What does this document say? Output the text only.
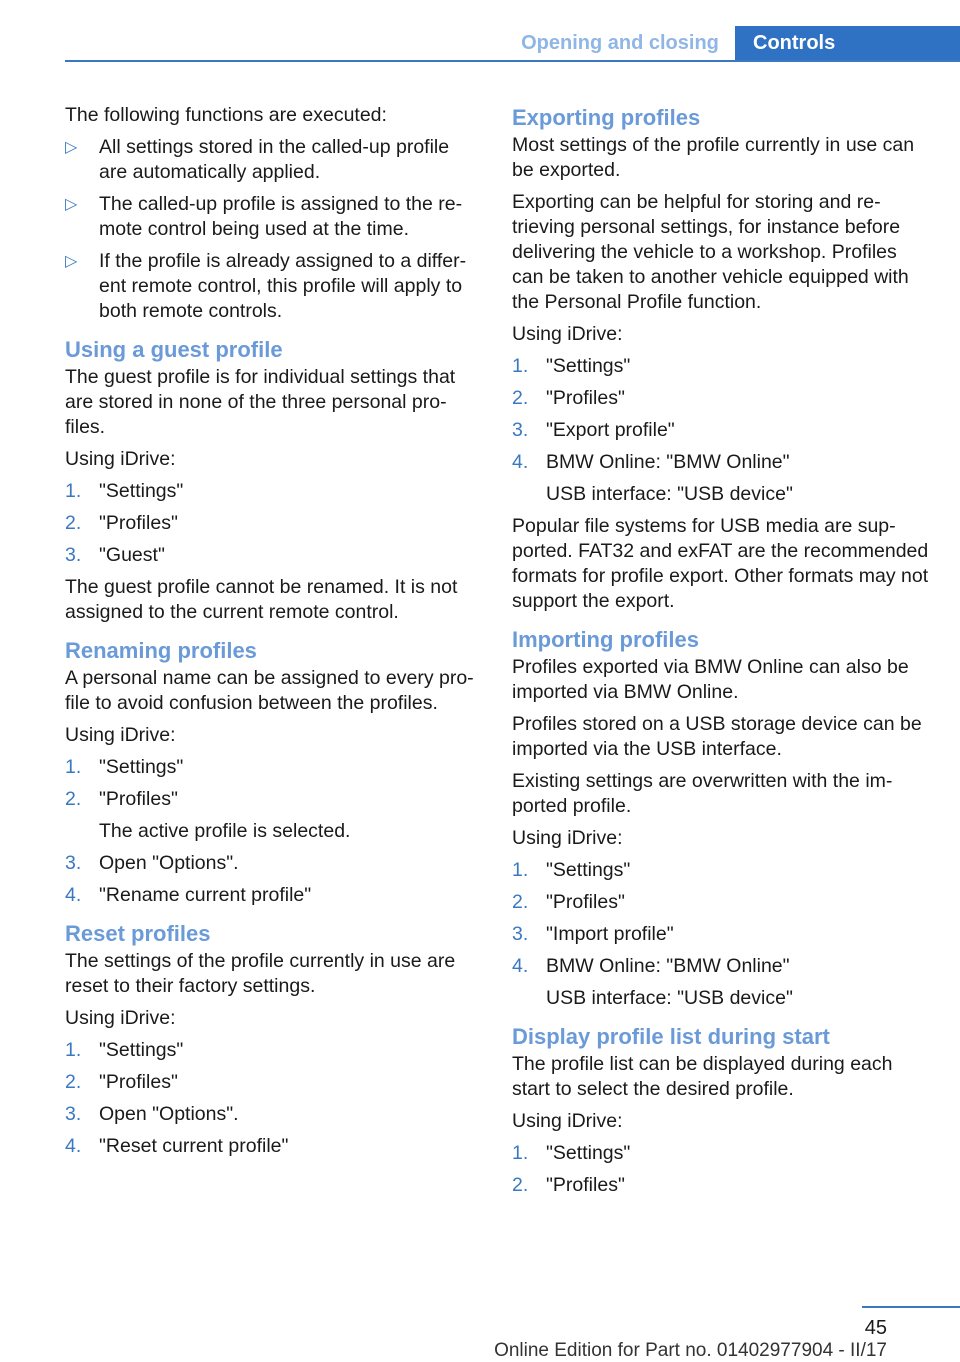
Opening and closing	Controls

The following functions are executed:

▷ All settings stored in the called-up profile are automatically applied.
▷ The called-up profile is assigned to the remote control being used at the time.
▷ If the profile is already assigned to a different remote control, this profile will apply to both remote controls.
Using a guest profile

The guest profile is for individual settings that are stored in none of the three personal profiles.

Using iDrive:

1. "Settings"
2. "Profiles"
3. "Guest"

The guest profile cannot be renamed. It is not assigned to the current remote control.

Renaming profiles

A personal name can be assigned to every profile to avoid confusion between the profiles.

Using iDrive:

1. "Settings"
2. "Profiles"
The active profile is selected.
3. Open "Options".
4. "Rename current profile"
Reset profiles

The settings of the profile currently in use are reset to their factory settings.

Using iDrive:

1. "Settings"
2. "Profiles"
3. Open "Options".
4. "Reset current profile"
Exporting profiles

Most settings of the profile currently in use can be exported.

Exporting can be helpful for storing and retrieving personal settings, for instance before delivering the vehicle to a workshop. Profiles can be taken to another vehicle equipped with the Personal Profile function.

Using iDrive:

1. "Settings"
2. "Profiles"
3. "Export profile"
4. BMW Online: "BMW Online"
USB interface: "USB device"

Popular file systems for USB media are supported. FAT32 and exFAT are the recommended formats for profile export. Other formats may not support the export.

Importing profiles

Profiles exported via BMW Online can also be imported via BMW Online.

Profiles stored on a USB storage device can be imported via the USB interface.

Existing settings are overwritten with the imported profile.

Using iDrive:

1. "Settings"
2. "Profiles"
3. "Import profile"
4. BMW Online: "BMW Online"
USB interface: "USB device"
Display profile list during start

The profile list can be displayed during each start to select the desired profile.

Using iDrive:

1. "Settings"
2. "Profiles"
45
Online Edition for Part no. 01402977904 - II/17
